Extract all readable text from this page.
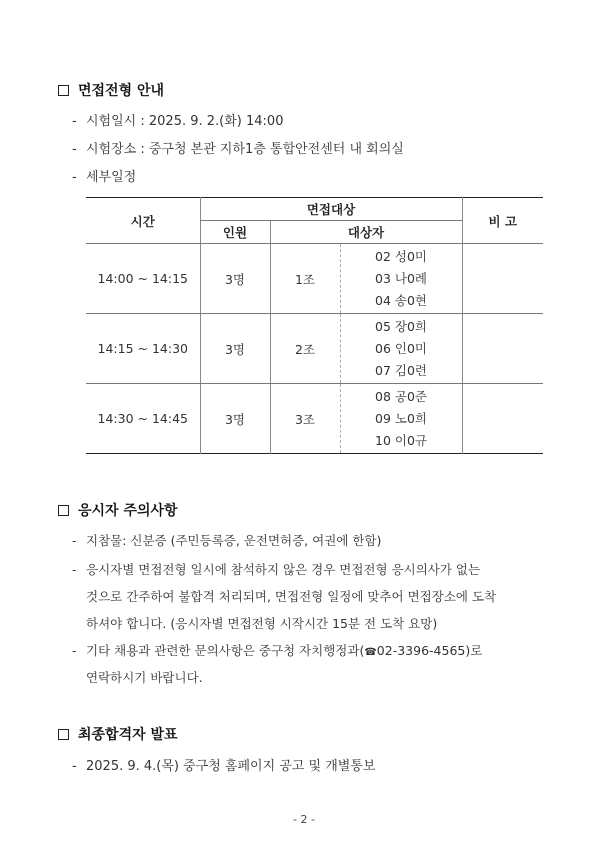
면접전형 안내
- 시험일시 : 2025. 9. 2.(화) 14:00
- 시험장소 : 중구청 본관 지하1층 통합안전센터 내 회의실
- 세부일정
시간	면접대상			비 고
	인원	대상자		
14:00 ~ 14:15	3명	1조	02 성0미
03 나0례
04 송0현	

14:15 ~ 14:30	3명	2조	05 장0희
06 인0미
07 김0련	

14:30 ~ 14:45	3명	3조	08 공0준
09 노0희
10 이0규	

응시자 주의사항
- 지참물: 신분증 (주민등록증, 운전면허증, 여권에 한함)
- 응시자별 면접전형 일시에 참석하지 않은 경우 면접전형 응시의사가 없는
것으로 간주하여 불합격 처리되며, 면접전형 일정에 맞추어 면접장소에 도착
하셔야 합니다. (응시자별 면접전형 시작시간 15분 전 도착 요망)
- 기타 채용과 관련한 문의사항은 중구청 자치행정과(☎02-3396-4565)로
연락하시기 바랍니다.
최종합격자 발표
- 2025. 9. 4.(목) 중구청 홈페이지 공고 및 개별통보
- 2 -
